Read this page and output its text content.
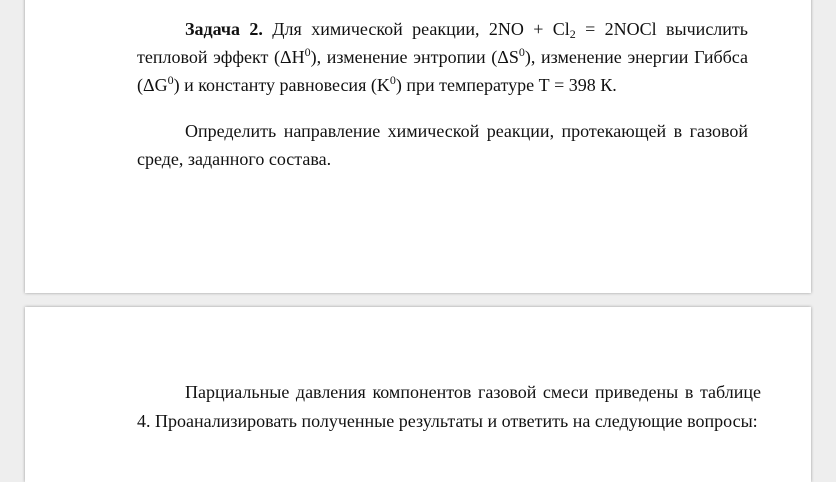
Задача 2. Для химической реакции, $2NO + Cl_2$ = 2NOCl вычислить
тепловой эффект $(\Delta H^0)$, изменение энтропии $(\Delta S^0)$, изменение энергии Гиббса
$(\Delta G^0)$ и константу равновесия $(K^0)$ при температуре Т = 398 К.

Определить направление химической реакции, протекающей в газовой среде, заданного состава.

Парциальные давления компонентов газовой смеси приведены в таблице 4. Проанализировать полученные результаты и ответить на следующие вопросы:
